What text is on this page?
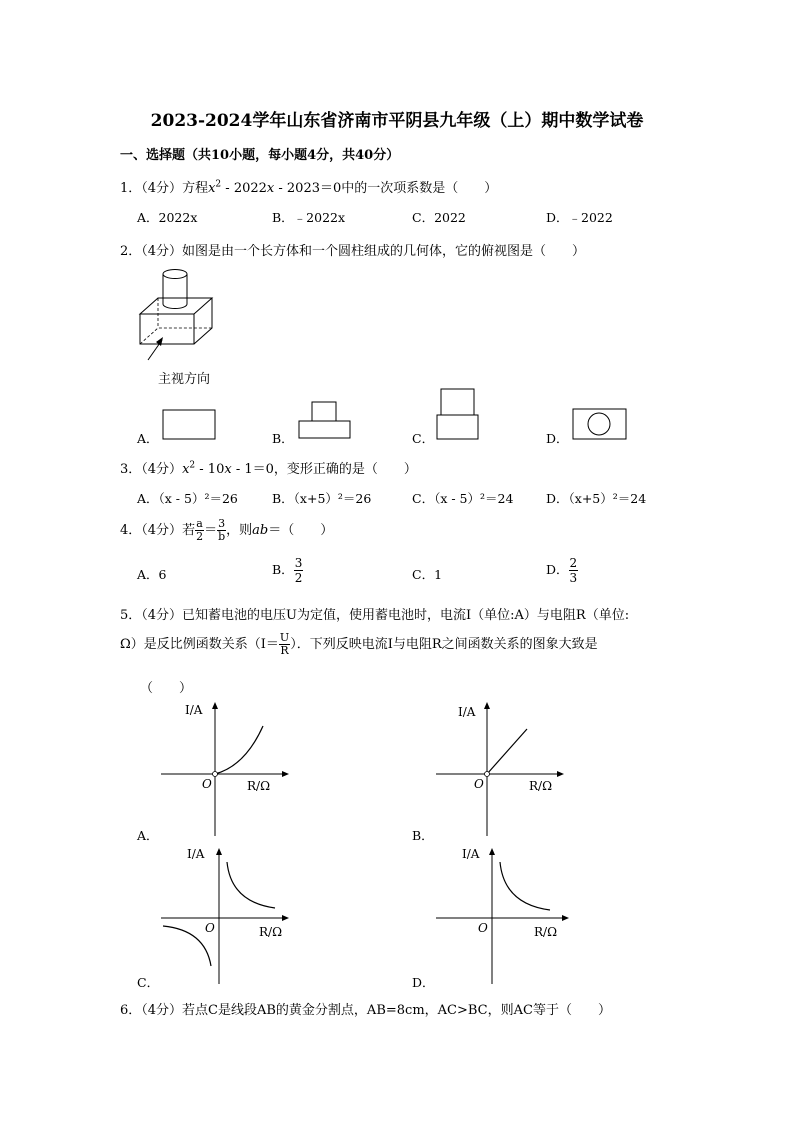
2023-2024学年山东省济南市平阴县九年级（上）期中数学试卷
一、选择题（共10小题，每小题4分，共40分）
1．（4分）方程$x^2 - 2022x - 2023=0$中的一次项系数是（　　）
A．2022x	B．﹣2022x	C．2022	D．﹣2022
2．（4分）如图是由一个长方体和一个圆柱组成的几何体，它的俯视图是（　　）
主视方向
A．	B．	C．	D．
3．（4分）$x^2 - 10x - 1=0$，变形正确的是（　　）
A．（x - 5）²＝26	B．（x+5）²＝26	C．（x - 5）²＝24	D．（x+5）²＝24
4．（4分）若 $\frac{a}{2} = \frac{3}{b}$ ，则ab＝（　　）
A．6	B． $\frac{3}{2}$	C．1	D． $\frac{2}{3}$
5．（4分）已知蓄电池的电压U为定值，使用蓄电池时，电流I（单位:A）与电阻R（单位:
Ω）是反比例函数关系（$I= \frac{U}{R}$ ）．下列反映电流I与电阻R之间函数关系的图象大致是
（　　）
I/A
O	R/Ω
A．
I/A
O	R/Ω
B．
I/A
O	R/Ω
C．
I/A
O	R/Ω
D．
6．（4分）若点C是线段AB的黄金分割点，AB=8cm，AC>BC，则AC等于（　　）
